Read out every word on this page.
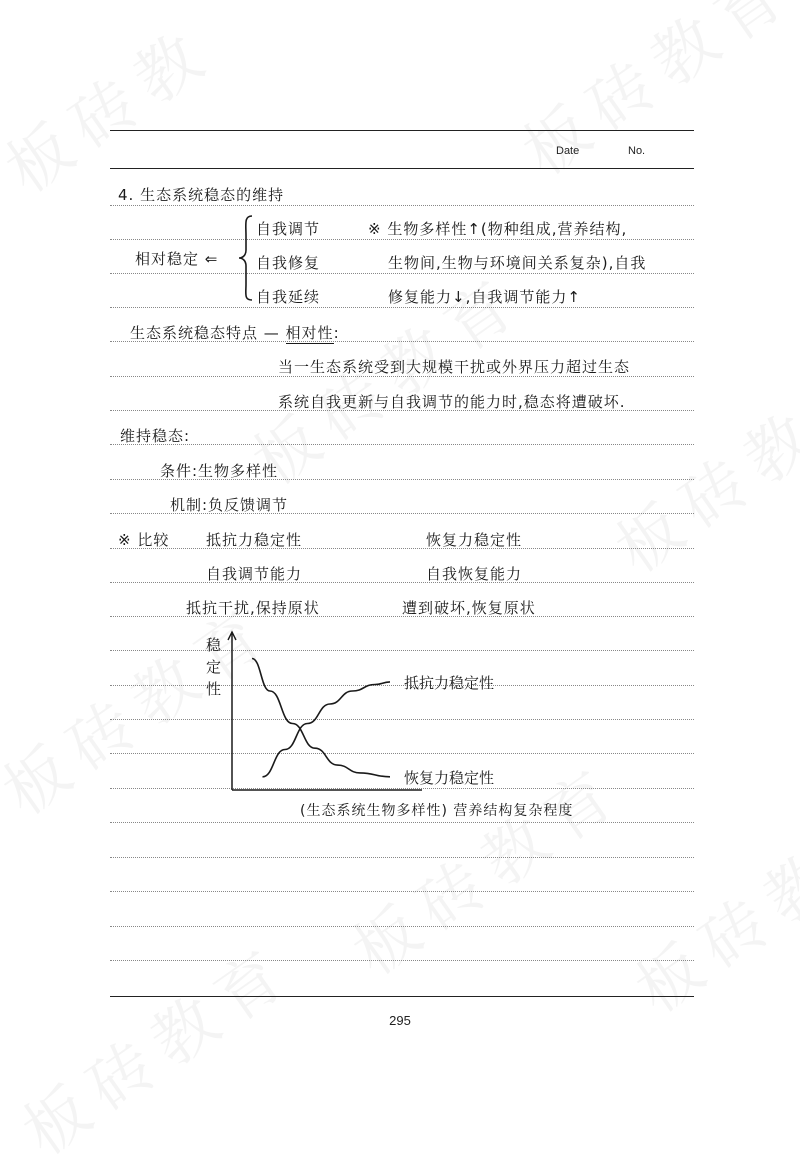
Date	No.
4. 生态系统稳态的维持
相对稳定 ⇐
自我调节
自我修复
自我延续
※ 生物多样性↑(物种组成,营养结构,
生物间,生物与环境间关系复杂),自我
修复能力↓,自我调节能力↑
生态系统稳态特点 — 相对性:
当一生态系统受到大规模干扰或外界压力超过生态
系统自我更新与自我调节的能力时,稳态将遭破坏.
维持稳态:
条件:生物多样性
机制:负反馈调节
※ 比较 抵抗力稳定性	恢复力稳定性
自我调节能力	自我恢复能力
抵抗干扰,保持原状	遭到破坏,恢复原状
稳
定
性	抵抗力稳定性
恢复力稳定性
(生态系统生物多样性) 营养结构复杂程度
295
